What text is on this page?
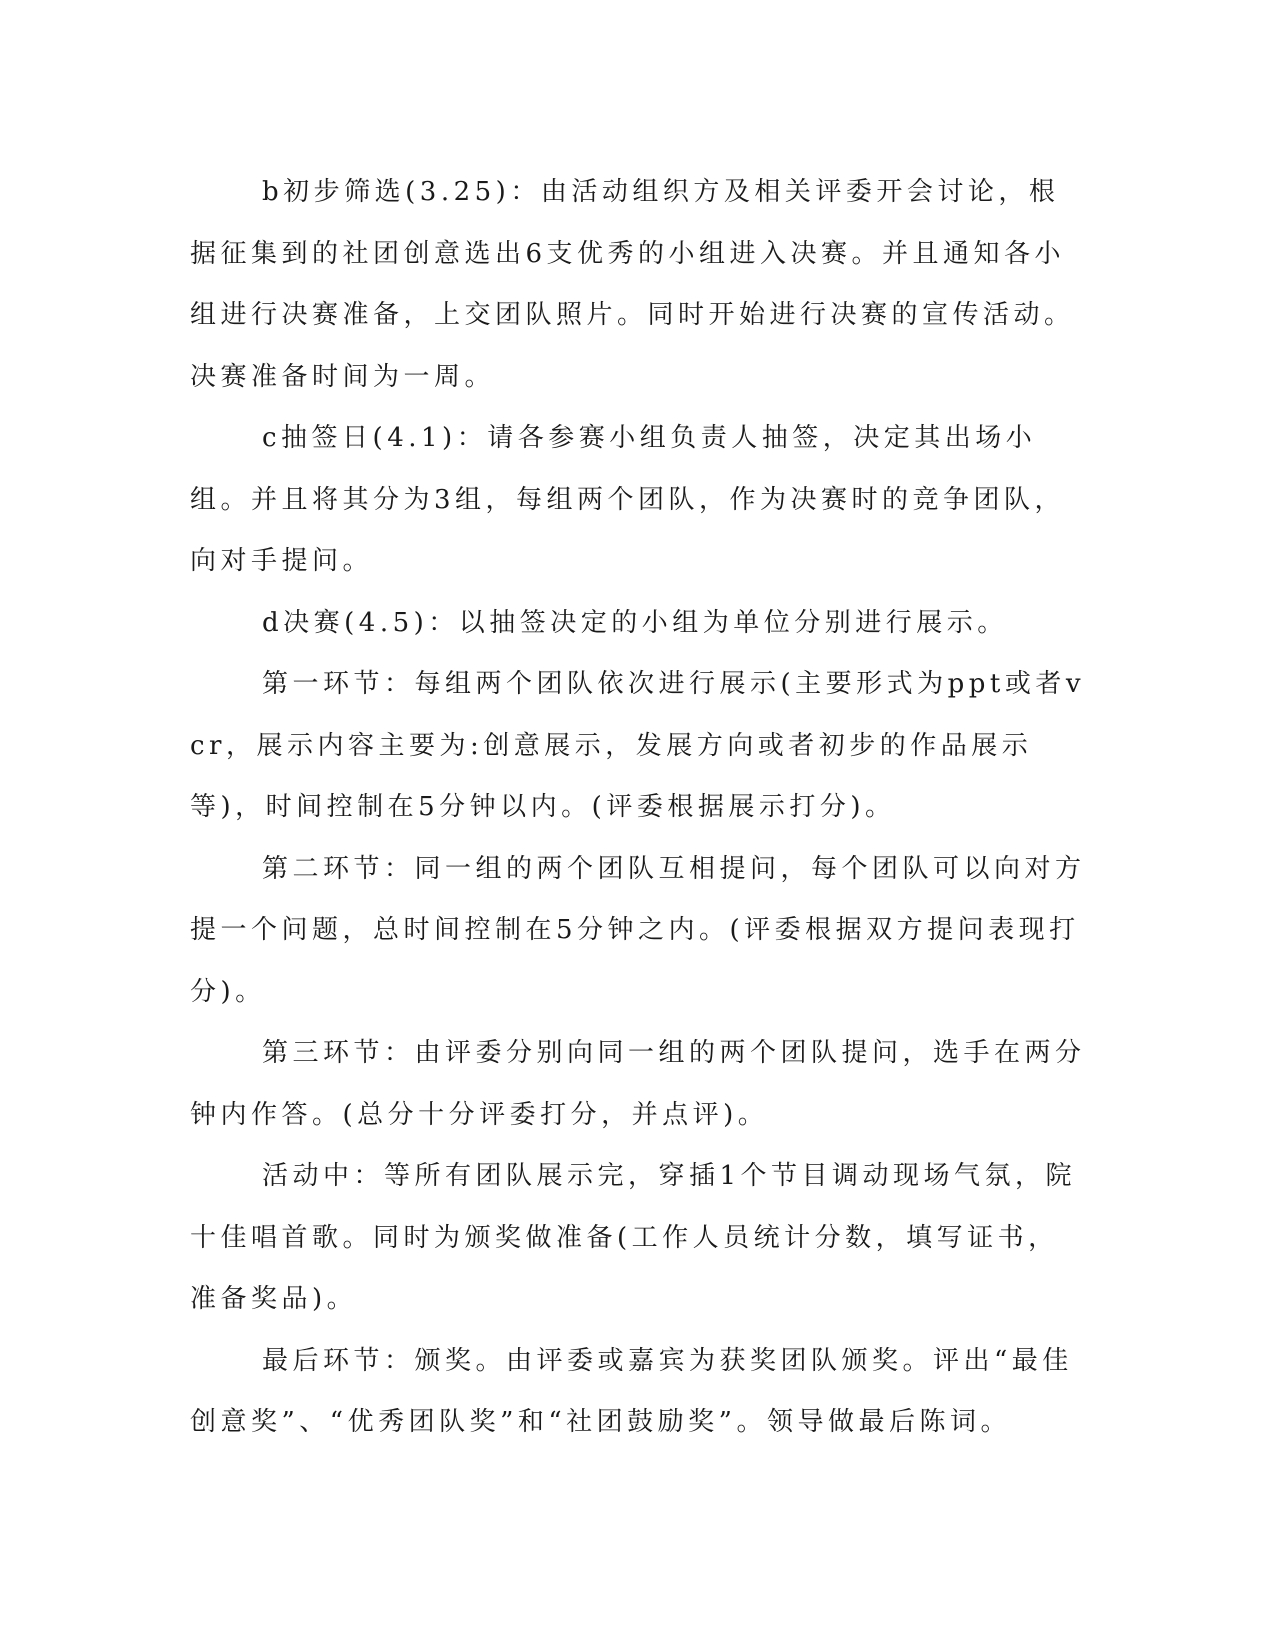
b初步筛选(3.25)：由活动组织方及相关评委开会讨论，根据征集到的社团创意选出6支优秀的小组进入决赛。并且通知各小组进行决赛准备，上交团队照片。同时开始进行决赛的宣传活动。决赛准备时间为一周。

c抽签日(4.1)：请各参赛小组负责人抽签，决定其出场小组。并且将其分为3组，每组两个团队，作为决赛时的竞争团队，向对手提问。

d决赛(4.5)：以抽签决定的小组为单位分别进行展示。

第一环节：每组两个团队依次进行展示(主要形式为ppt或者vcr，展示内容主要为:创意展示，发展方向或者初步的作品展示等)，时间控制在5分钟以内。(评委根据展示打分)。

第二环节：同一组的两个团队互相提问，每个团队可以向对方提一个问题，总时间控制在5分钟之内。(评委根据双方提问表现打分)。

第三环节：由评委分别向同一组的两个团队提问，选手在两分钟内作答。(总分十分评委打分，并点评)。

活动中：等所有团队展示完，穿插1个节目调动现场气氛，院十佳唱首歌。同时为颁奖做准备(工作人员统计分数，填写证书，准备奖品)。

最后环节：颁奖。由评委或嘉宾为获奖团队颁奖。评出“最佳创意奖”、“优秀团队奖”和“社团鼓励奖”。领导做最后陈词。
